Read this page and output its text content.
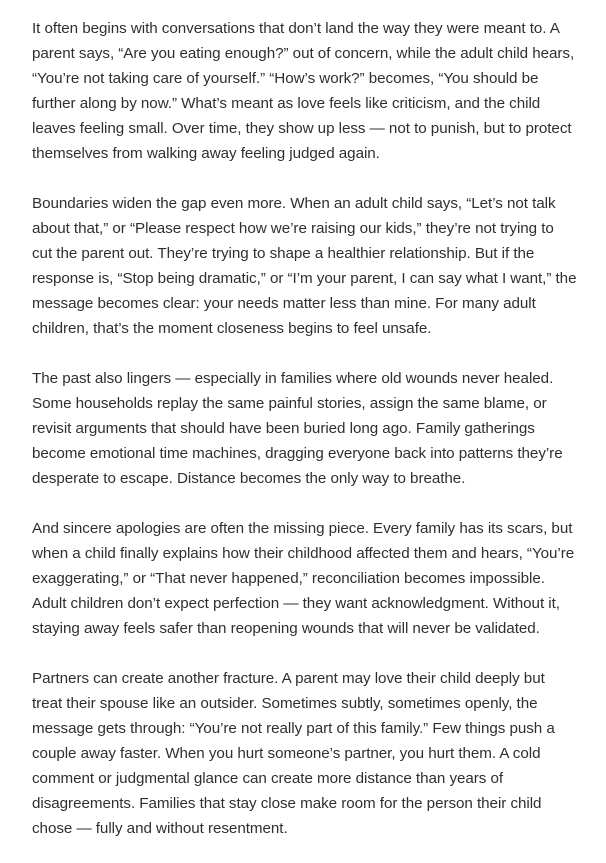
It often begins with conversations that don’t land the way they were meant to. A parent says, “Are you eating enough?” out of concern, while the adult child hears, “You’re not taking care of yourself.” “How’s work?” becomes, “You should be further along by now.” What’s meant as love feels like criticism, and the child leaves feeling small. Over time, they show up less — not to punish, but to protect themselves from walking away feeling judged again.

Boundaries widen the gap even more. When an adult child says, “Let’s not talk about that,” or “Please respect how we’re raising our kids,” they’re not trying to cut the parent out. They’re trying to shape a healthier relationship. But if the response is, “Stop being dramatic,” or “I’m your parent, I can say what I want,” the message becomes clear: your needs matter less than mine. For many adult children, that’s the moment closeness begins to feel unsafe.

The past also lingers — especially in families where old wounds never healed. Some households replay the same painful stories, assign the same blame, or revisit arguments that should have been buried long ago. Family gatherings become emotional time machines, dragging everyone back into patterns they’re desperate to escape. Distance becomes the only way to breathe.

And sincere apologies are often the missing piece. Every family has its scars, but when a child finally explains how their childhood affected them and hears, “You’re exaggerating,” or “That never happened,” reconciliation becomes impossible. Adult children don’t expect perfection — they want acknowledgment. Without it, staying away feels safer than reopening wounds that will never be validated.

Partners can create another fracture. A parent may love their child deeply but treat their spouse like an outsider. Sometimes subtly, sometimes openly, the message gets through: “You’re not really part of this family.” Few things push a couple away faster. When you hurt someone’s partner, you hurt them. A cold comment or judgmental glance can create more distance than years of disagreements. Families that stay close make room for the person their child chose — fully and without resentment.
